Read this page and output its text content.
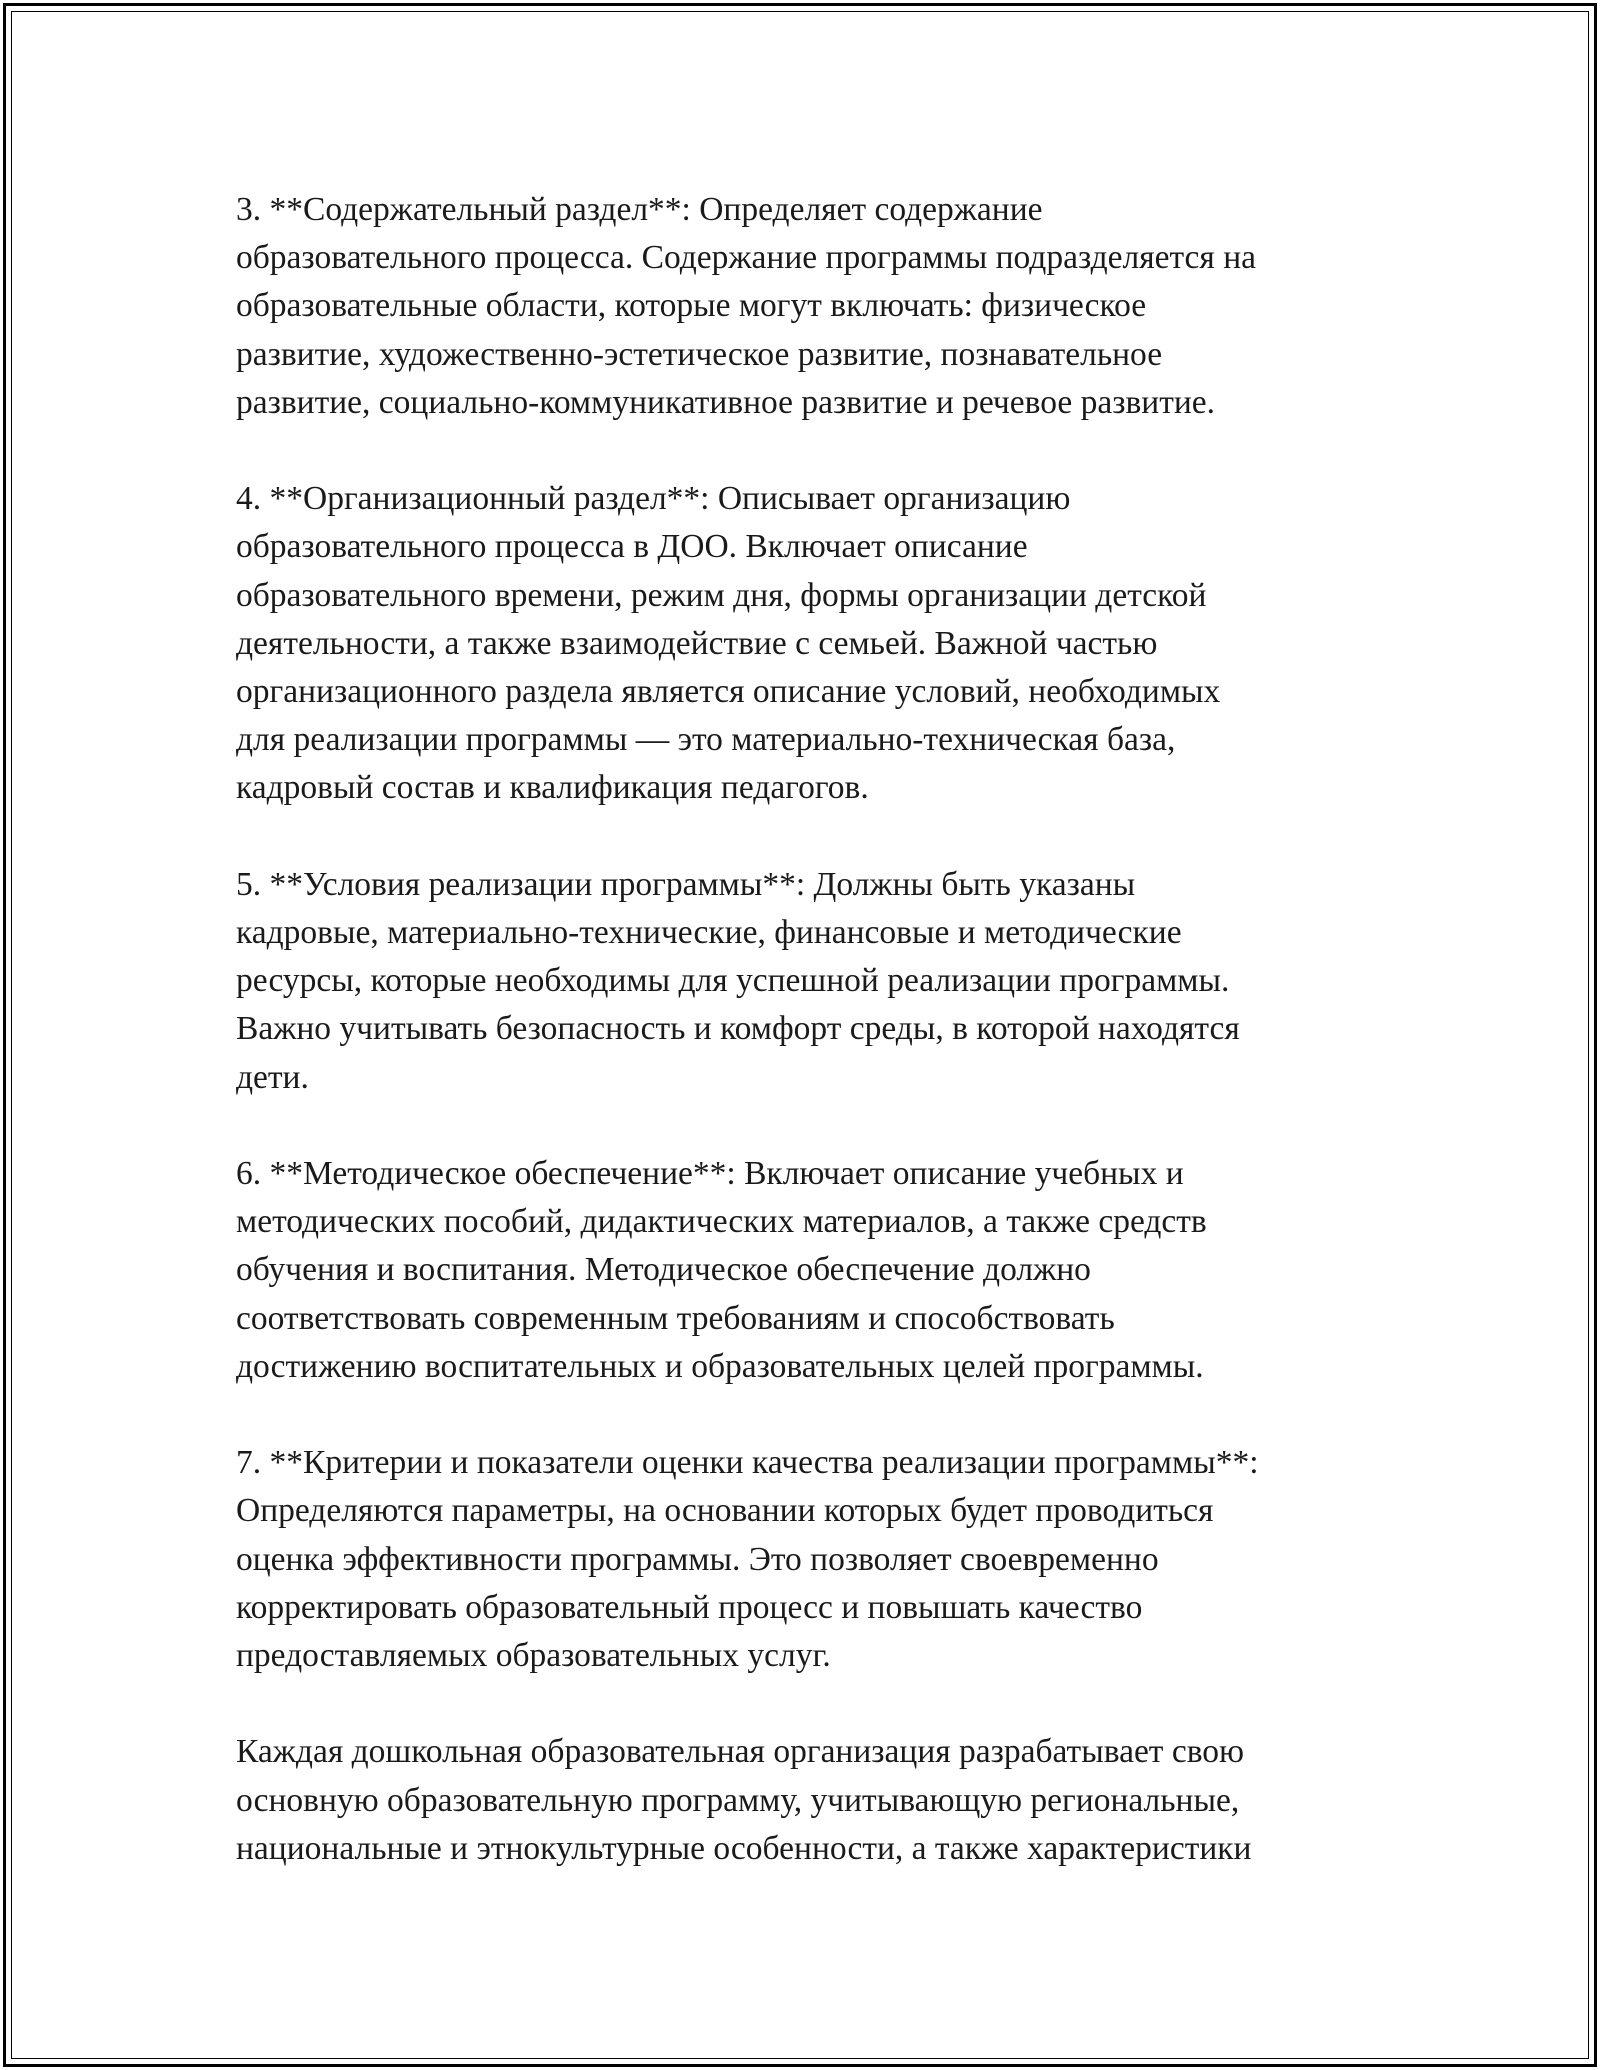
3. **Содержательный раздел**: Определяет содержание
образовательного процесса. Содержание программы подразделяется на
образовательные области, которые могут включать: физическое
развитие, художественно-эстетическое развитие, познавательное
развитие, социально-коммуникативное развитие и речевое развитие.

4. **Организационный раздел**: Описывает организацию
образовательного процесса в ДОО. Включает описание
образовательного времени, режим дня, формы организации детской
деятельности, а также взаимодействие с семьей. Важной частью
организационного раздела является описание условий, необходимых
для реализации программы — это материально-техническая база,
кадровый состав и квалификация педагогов.

5. **Условия реализации программы**: Должны быть указаны
кадровые, материально-технические, финансовые и методические
ресурсы, которые необходимы для успешной реализации программы.
Важно учитывать безопасность и комфорт среды, в которой находятся
дети.

6. **Методическое обеспечение**: Включает описание учебных и
методических пособий, дидактических материалов, а также средств
обучения и воспитания. Методическое обеспечение должно
соответствовать современным требованиям и способствовать
достижению воспитательных и образовательных целей программы.

7. **Критерии и показатели оценки качества реализации программы**:
Определяются параметры, на основании которых будет проводиться
оценка эффективности программы. Это позволяет своевременно
корректировать образовательный процесс и повышать качество
предоставляемых образовательных услуг.

Каждая дошкольная образовательная организация разрабатывает свою
основную образовательную программу, учитывающую региональные,
национальные и этнокультурные особенности, а также характеристики
